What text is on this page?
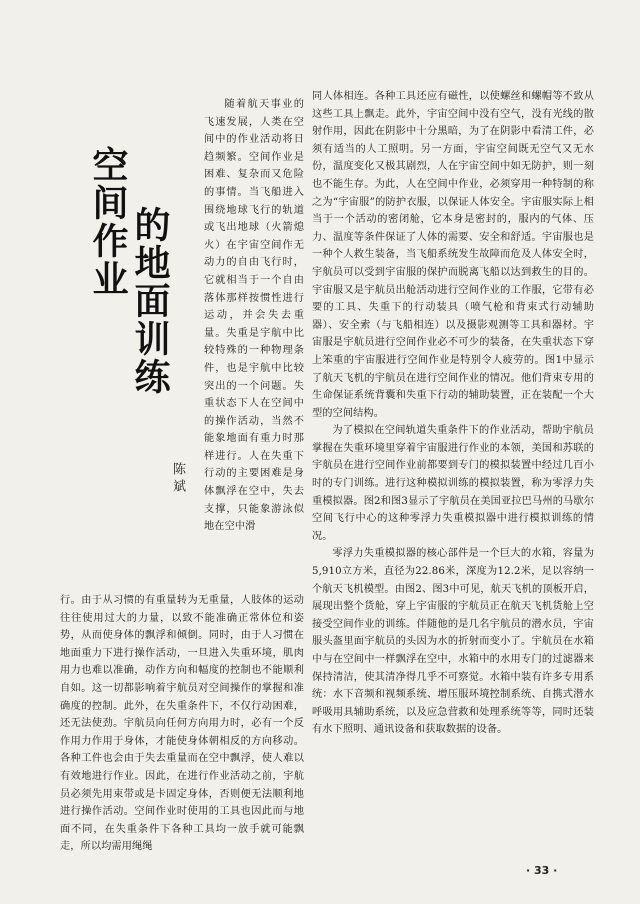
空间作业 的地面训练
陈斌

随着航天事业的飞速发展，人类在空间中的作业活动将日趋频繁。空间作业是困难、复杂而又危险的事情。当飞船进入围绕地球飞行的轨道或飞出地球（火箭熄火）在宇宙空间作无动力的自由飞行时，它就相当于一个自由落体那样按惯性进行运动，并会失去重量。失重是宇航中比较特殊的一种物理条件，也是宇航中比较突出的一个问题。失重状态下人在空间中的操作活动，当然不能象地面有重力时那样进行。人在失重下行动的主要困难是身体飘浮在空中，失去支撑，只能象游泳似地在空中滑

行。由于从习惯的有重量转为无重量，人肢体的运动往往使用过大的力量，以致不能准确正常体位和姿势，从而使身体的飘浮和倾倒。同时，由于人习惯在地面重力下进行操作活动，一旦进入失重环境，肌肉用力也难以准确，动作方向和幅度的控制也不能顺利自如。这一切都影响着宇航员对空间操作的掌握和准确度的控制。此外，在失重条件下，不仅行动困难，还无法使劲。宇航员向任何方向用力时，必有一个反作用力作用于身体，才能使身体朝相反的方向移动。各种工件也会由于失去重量而在空中飘浮，使人难以有效地进行作业。因此，在进行作业活动之前，宇航员必须先用束带或是卡固定身体，否则便无法顺利地进行操作活动。空间作业时使用的工具也因此而与地面不同，在失重条件下各种工具均一放手就可能飘走，所以均需用绳绳

同人体相连。各种工具还应有磁性，以使螺丝和螺帽等不致从这些工具上飘走。此外，宇宙空间中没有空气，没有光线的散射作用，因此在阴影中十分黑暗，为了在阴影中看清工件，必须有适当的人工照明。另一方面，宇宙空间既无空气又无水份，温度变化又极其剧烈，人在宇宙空间中如无防护，则一刻也不能生存。为此，人在空间中作业，必须穿用一种特制的称之为“宇宙服”的防护衣服，以保证人体安全。宇宙服实际上相当于一个活动的密闭舱，它本身是密封的，服内的气体、压力、温度等条件保证了人体的需要、安全和舒适。宇宙服也是一种个人救生装备，当飞船系统发生故障而危及人体安全时，宇航员可以受到宇宙服的保护而脱离飞船以达到救生的目的。宇宙服又是宇航员出舱活动进行空间作业的工作服，它带有必要的工具、失重下的行动装具（喷气枪和背束式行动辅助器）、安全索（与飞船相连）以及摄影观测等工具和器材。宇宙服是宇航员进行空间作业必不可少的装备，在失重状态下穿上笨重的宇宙服进行空间作业是特别令人疲劳的。图1中显示了航天飞机的宇航员在进行空间作业的情况。他们背束专用的生命保证系统背囊和失重下行动的辅助装置，正在装配一个大型的空间结构。

为了模拟在空间轨道失重条件下的作业活动，帮助宇航员掌握在失重环境里穿着宇宙服进行作业的本领，美国和苏联的宇航员在进行空间作业前都要到专门的模拟装置中经过几百小时的专门训练。进行这种模拟训练的模拟装置，称为零浮力失重模拟器。图2和图3显示了宇航员在美国亚拉巴马州的马歇尔空间飞行中心的这种零浮力失重模拟器中进行模拟训练的情况。

零浮力失重模拟器的核心部件是一个巨大的水箱，容量为5,910立方米，直径为22.86米，深度为12.2米，足以容纳一个航天飞机模型。由图2、图3中可见，航天飞机的顶板开启，展现出整个货舱，穿上宇宙服的宇航员正在航天飞机货舱上空接受空间作业的训练。伴随他的是几名宇航员的潜水员，宇宙服头盔里面宇航员的头因为水的折射而变小了。宇航员在水箱中与在空间中一样飘浮在空中，水箱中的水用专门的过滤器来保持清洁，使其清净得几乎不可察觉。水箱中装有许多专用系统：水下音频和视频系统、增压服环境控制系统、自携式潜水呼吸用具辅助系统，以及应急营救和处理系统等等，同时还装有水下照明、通讯设备和获取数据的设备。

· 33 ·
